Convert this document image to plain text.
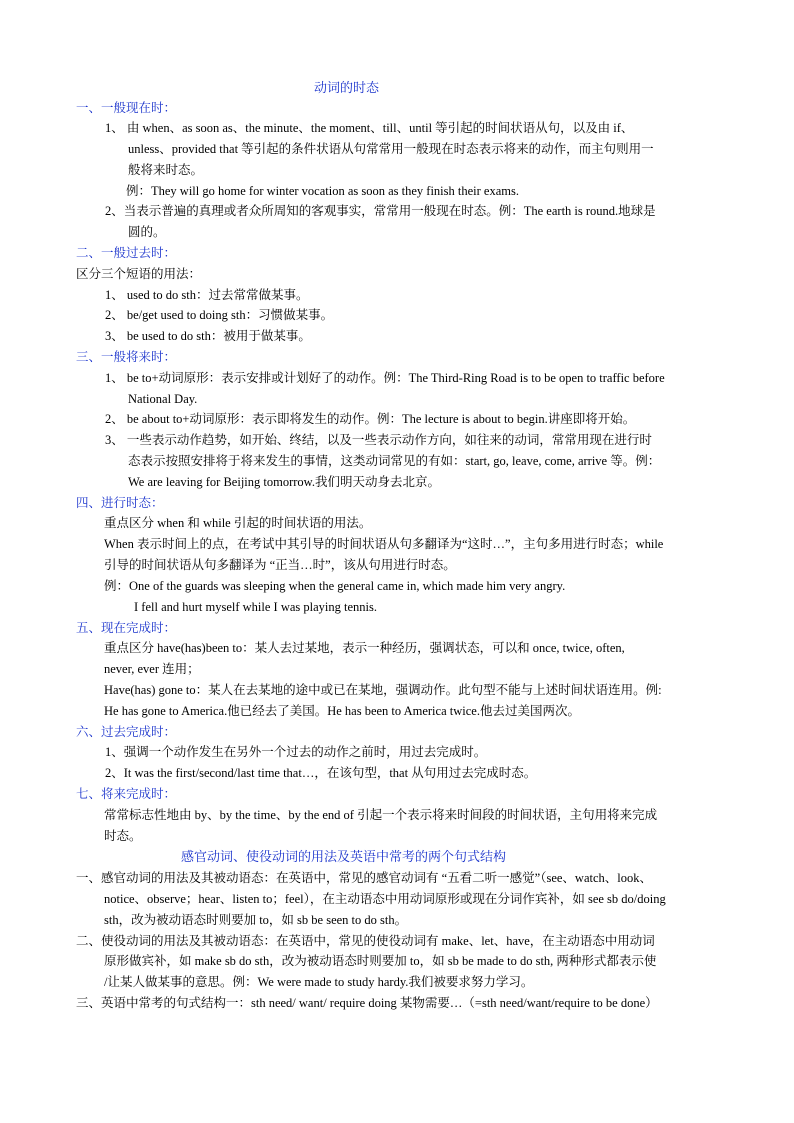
动词的时态
一、一般现在时：
1、 由 when、as soon as、the minute、the moment、till、until 等引起的时间状语从句，以及由 if、
unless、provided that 等引起的条件状语从句常常用一般现在时态表示将来的动作，而主句则用一
般将来时态。
例：They will go home for winter vocation as soon as they finish their exams.
2、当表示普遍的真理或者众所周知的客观事实，常常用一般现在时态。例：The earth is round.地球是
圆的。
二、一般过去时：
区分三个短语的用法：
1、 used to do sth：过去常常做某事。
2、 be/get used to doing sth：习惯做某事。
3、 be used to do sth：被用于做某事。
三、一般将来时：
1、 be to+动词原形：表示安排或计划好了的动作。例：The Third-Ring Road is to be open to traffic before
National Day.
2、 be about to+动词原形：表示即将发生的动作。例：The lecture is about to begin.讲座即将开始。
3、 一些表示动作趋势，如开始、终结，以及一些表示动作方向，如往来的动词，常常用现在进行时
态表示按照安排将于将来发生的事情，这类动词常见的有如：start, go, leave, come, arrive 等。例：
We are leaving for Beijing tomorrow.我们明天动身去北京。
四、进行时态：
重点区分 when 和 while 引起的时间状语的用法。
When 表示时间上的点，在考试中其引导的时间状语从句多翻译为“这时…”，主句多用进行时态；while
引导的时间状语从句多翻译为 “正当…时”，该从句用进行时态。
例：One of the guards was sleeping when the general came in, which made him very angry.
I fell and hurt myself while I was playing tennis.
五、现在完成时：
重点区分 have(has)been to：某人去过某地，表示一种经历，强调状态，可以和 once, twice, often,
never, ever 连用；
Have(has) gone to：某人在去某地的途中或已在某地，强调动作。此句型不能与上述时间状语连用。例:
He has gone to America.他已经去了美国。He has been to America twice.他去过美国两次。
六、过去完成时：
1、强调一个动作发生在另外一个过去的动作之前时，用过去完成时。
2、It was the first/second/last time that…，在该句型，that 从句用过去完成时态。
七、将来完成时：
常常标志性地由 by、by the time、by the end of 引起一个表示将来时间段的时间状语，主句用将来完成
时态。
感官动词、使役动词的用法及英语中常考的两个句式结构
一、感官动词的用法及其被动语态：在英语中，常见的感官动词有 “五看二听一感觉”（see、watch、look、
notice、observe；hear、listen to；feel），在主动语态中用动词原形或现在分词作宾补，如 see sb do/doing
sth，改为被动语态时则要加 to，如 sb be seen to do sth。
二、使役动词的用法及其被动语态：在英语中，常见的使役动词有 make、let、have，在主动语态中用动词
原形做宾补，如 make sb do sth，改为被动语态时则要加 to，如 sb be made to do sth, 两种形式都表示使
/让某人做某事的意思。例：We were made to study hardy.我们被要求努力学习。
三、英语中常考的句式结构一：sth need/ want/ require doing 某物需要…（=sth need/want/require to be done）
